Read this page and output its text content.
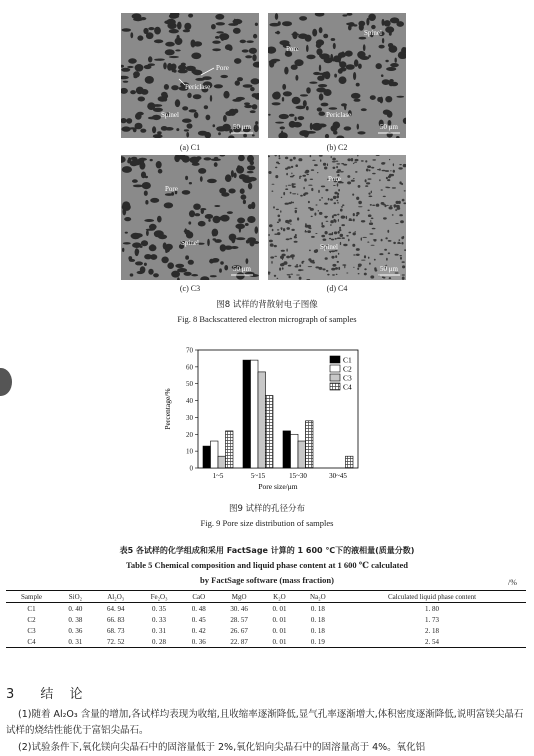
Pore
Periclase
Spinel
50 μm
Pore
Spinel
Periclase
50 μm
(a) C1	(b) C2
Pore
Spinel
50 μm
Pore
Spinel
50 μm
(c) C3	(d) C4
图8 试样的背散射电子图像
Fig. 8 Backscattered electron micrograph of samples
0
10
20
30
40
50
60
70
Percentage/%
1~5	5~15	15~30	30~45
Pore size/μm
C1
C2
C3
C4
图9 试样的孔径分布
Fig. 9 Pore size distribution of samples
表5 各试样的化学组成和采用 FactSage 计算的 1 600 ℃下的液相量(质量分数)
Table 5 Chemical composition and liquid phase content at 1 600 ℃ calculated
by FactSage software (mass fraction)	/%
Sample	SiO₂	Al₂O₃	Fe₂O₃	CaO	MgO	K₂O	Na₂O	Calculated liquid phase content
C1	0. 40	64. 94	0. 35	0. 48	30. 46	0. 01	0. 18	1. 80
C2	0. 38	66. 83	0. 33	0. 45	28. 57	0. 01	0. 18	1. 73
C3	0. 36	68. 73	0. 31	0. 42	26. 67	0. 01	0. 18	2. 18
C4	0. 31	72. 52	0. 28	0. 36	22. 87	0. 01	0. 19	2. 54
3 结 论
(1)随着 Al₂O₃ 含量的增加,各试样均表现为收缩,且收缩率逐渐降低,显气孔率逐渐增大,体积密度逐渐降低,说明富镁尖晶石试样的烧结性能优于富铝尖晶石。
(2)试验条件下,氧化镁向尖晶石中的固溶量低于 2%,氧化铝向尖晶石中的固溶量高于 4%。氧化铝
